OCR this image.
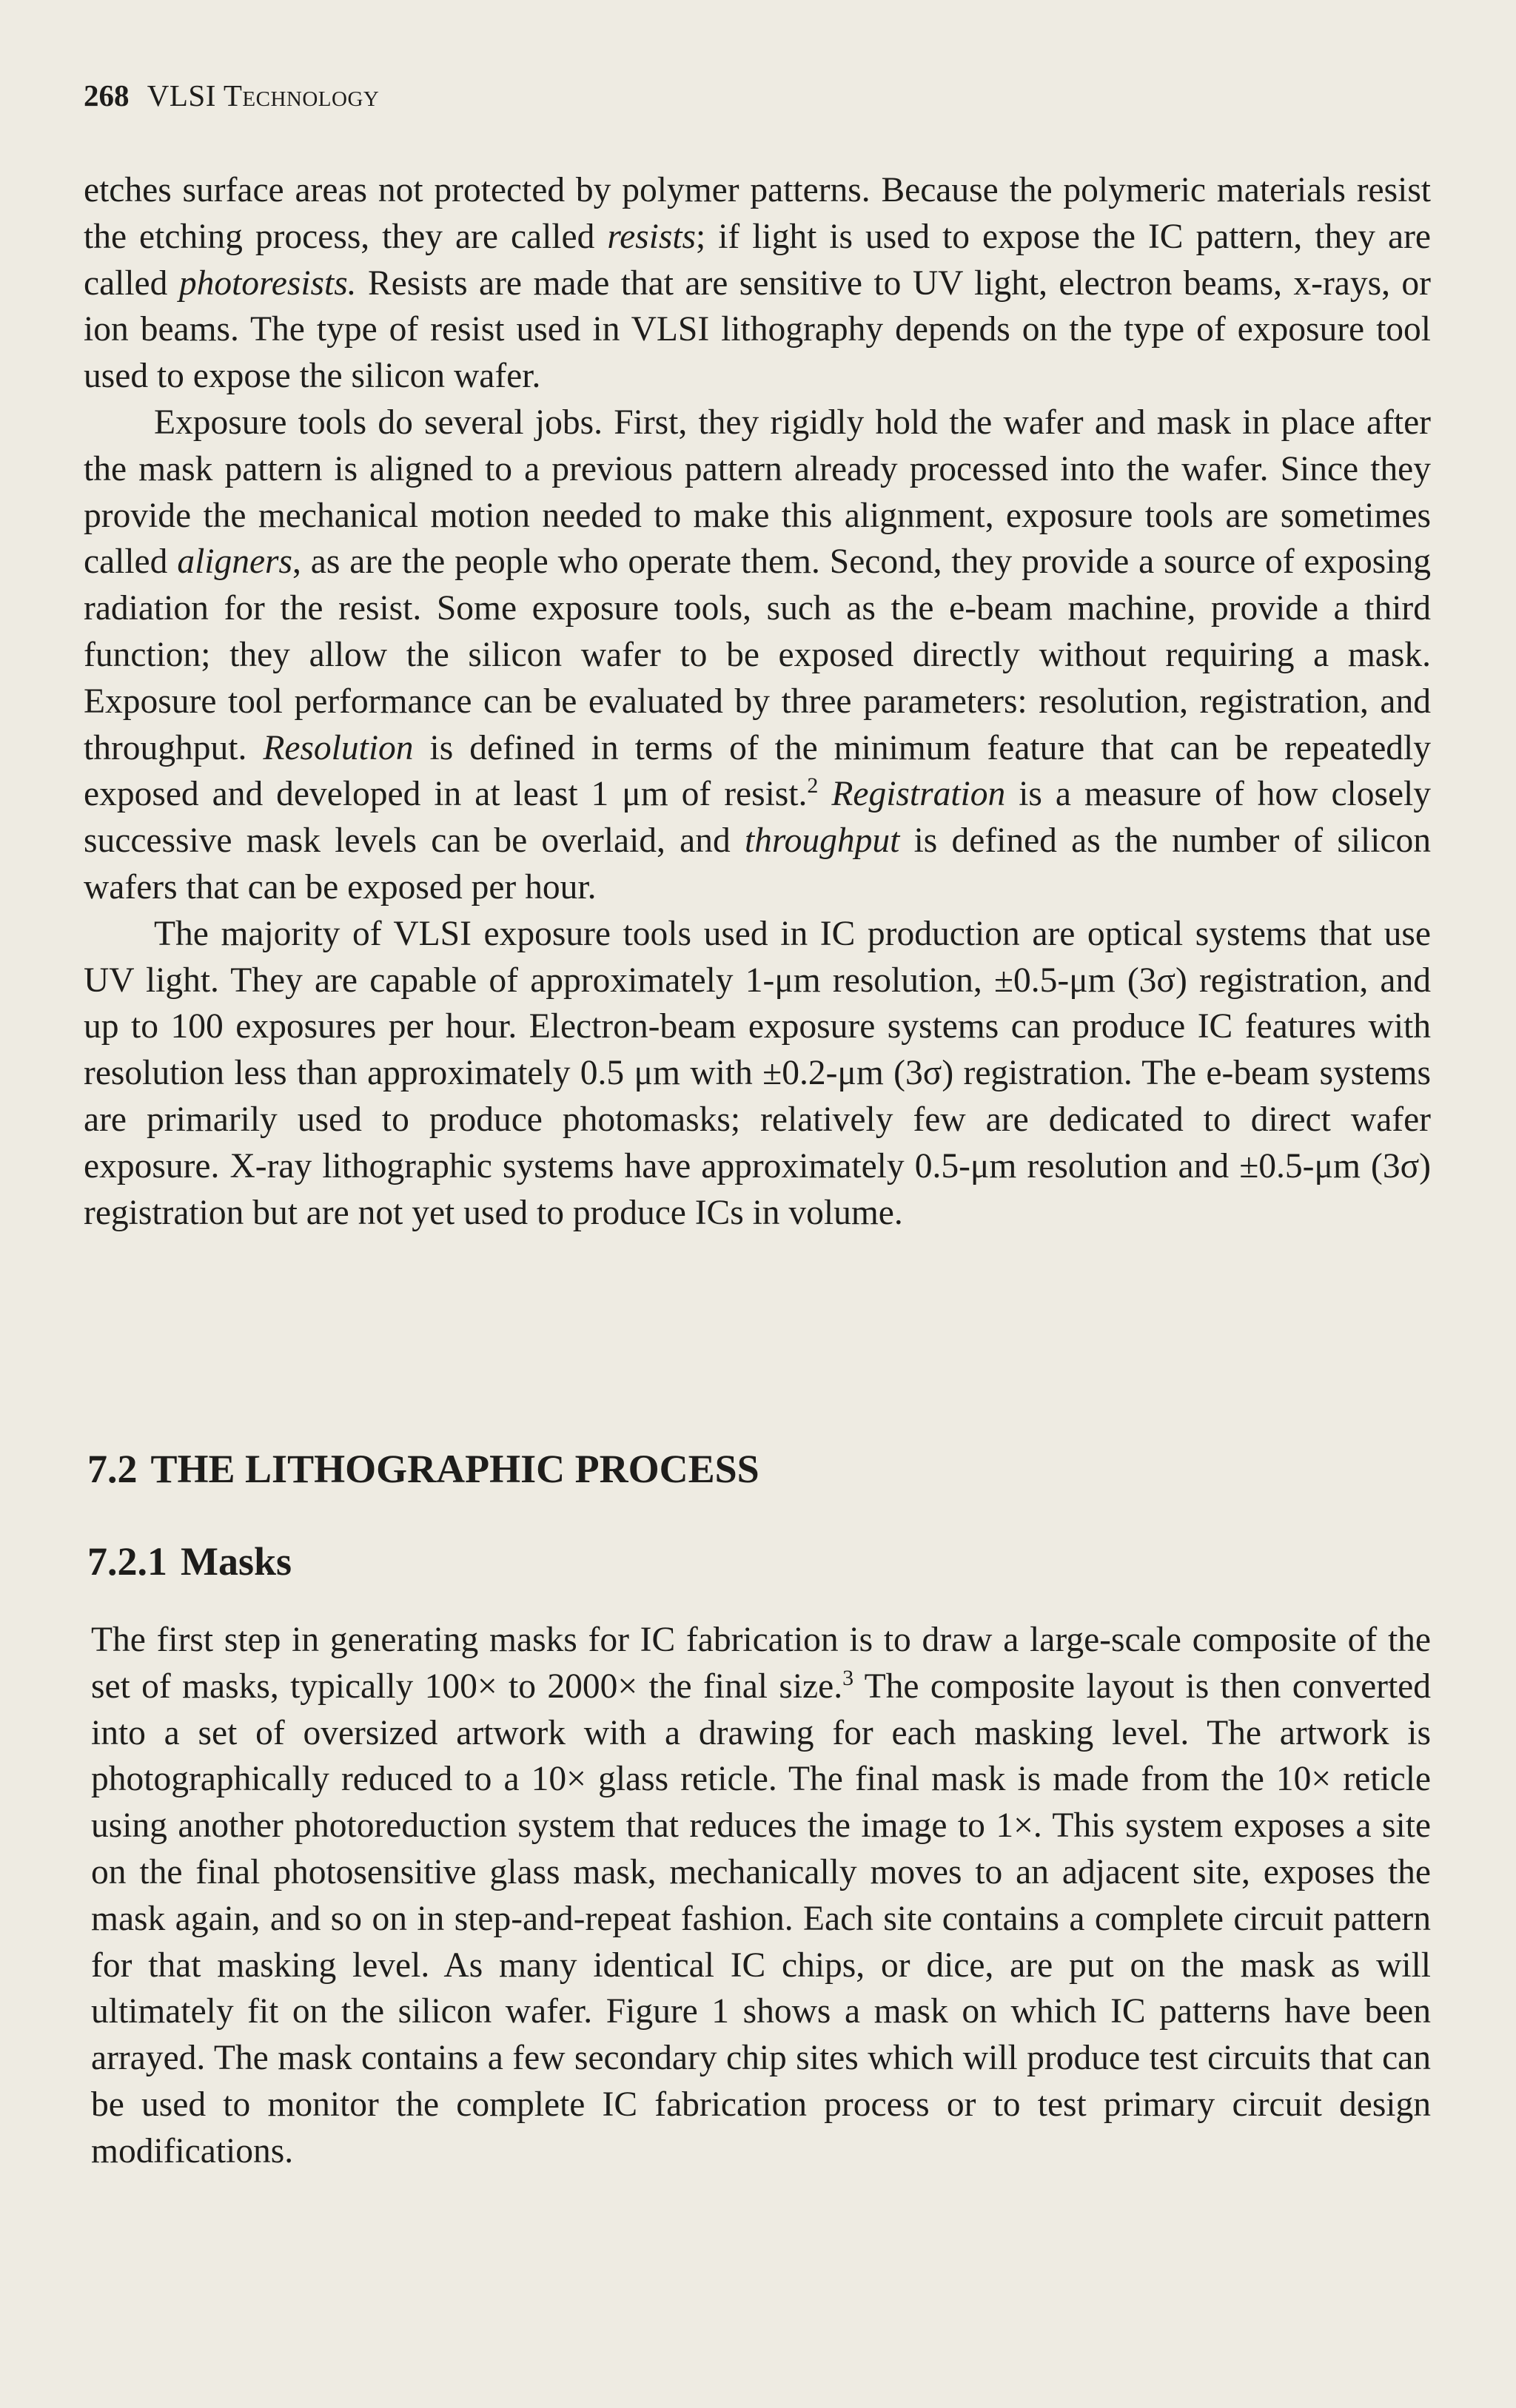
268 VLSI Technology

etches surface areas not protected by polymer patterns. Because the polymeric materials resist the etching process, they are called resists; if light is used to expose the IC pattern, they are called photoresists. Resists are made that are sensitive to UV light, electron beams, x-rays, or ion beams. The type of resist used in VLSI lithography depends on the type of exposure tool used to expose the silicon wafer.

Exposure tools do several jobs. First, they rigidly hold the wafer and mask in place after the mask pattern is aligned to a previous pattern already processed into the wafer. Since they provide the mechanical motion needed to make this alignment, exposure tools are sometimes called aligners, as are the people who operate them. Second, they provide a source of exposing radiation for the resist. Some exposure tools, such as the e-beam machine, provide a third function; they allow the silicon wafer to be exposed directly without requiring a mask. Exposure tool performance can be evaluated by three parameters: resolution, registration, and throughput. Resolution is defined in terms of the minimum feature that can be repeatedly exposed and developed in at least 1 μm of resist.$^2$ Registration is a measure of how closely successive mask levels can be overlaid, and throughput is defined as the number of silicon wafers that can be exposed per hour.

The majority of VLSI exposure tools used in IC production are optical systems that use UV light. They are capable of approximately 1-μm resolution, ±0.5-μm (3σ) registration, and up to 100 exposures per hour. Electron-beam exposure systems can produce IC features with resolution less than approximately 0.5 μm with ±0.2-μm (3σ) registration. The e-beam systems are primarily used to produce photomasks; relatively few are dedicated to direct wafer exposure. X-ray lithographic systems have approximately 0.5-μm resolution and ±0.5-μm (3σ) registration but are not yet used to produce ICs in volume.

7.2 THE LITHOGRAPHIC PROCESS
7.2.1 Masks

The first step in generating masks for IC fabrication is to draw a large-scale composite of the set of masks, typically 100× to 2000× the final size.$^3$ The composite layout is then converted into a set of oversized artwork with a drawing for each masking level. The artwork is photographically reduced to a 10× glass reticle. The final mask is made from the 10× reticle using another photoreduction system that reduces the image to 1×. This system exposes a site on the final photosensitive glass mask, mechanically moves to an adjacent site, exposes the mask again, and so on in step-and-repeat fashion. Each site contains a complete circuit pattern for that masking level. As many identical IC chips, or dice, are put on the mask as will ultimately fit on the silicon wafer. Figure 1 shows a mask on which IC patterns have been arrayed. The mask contains a few secondary chip sites which will produce test circuits that can be used to monitor the complete IC fabrication process or to test primary circuit design modifications.
